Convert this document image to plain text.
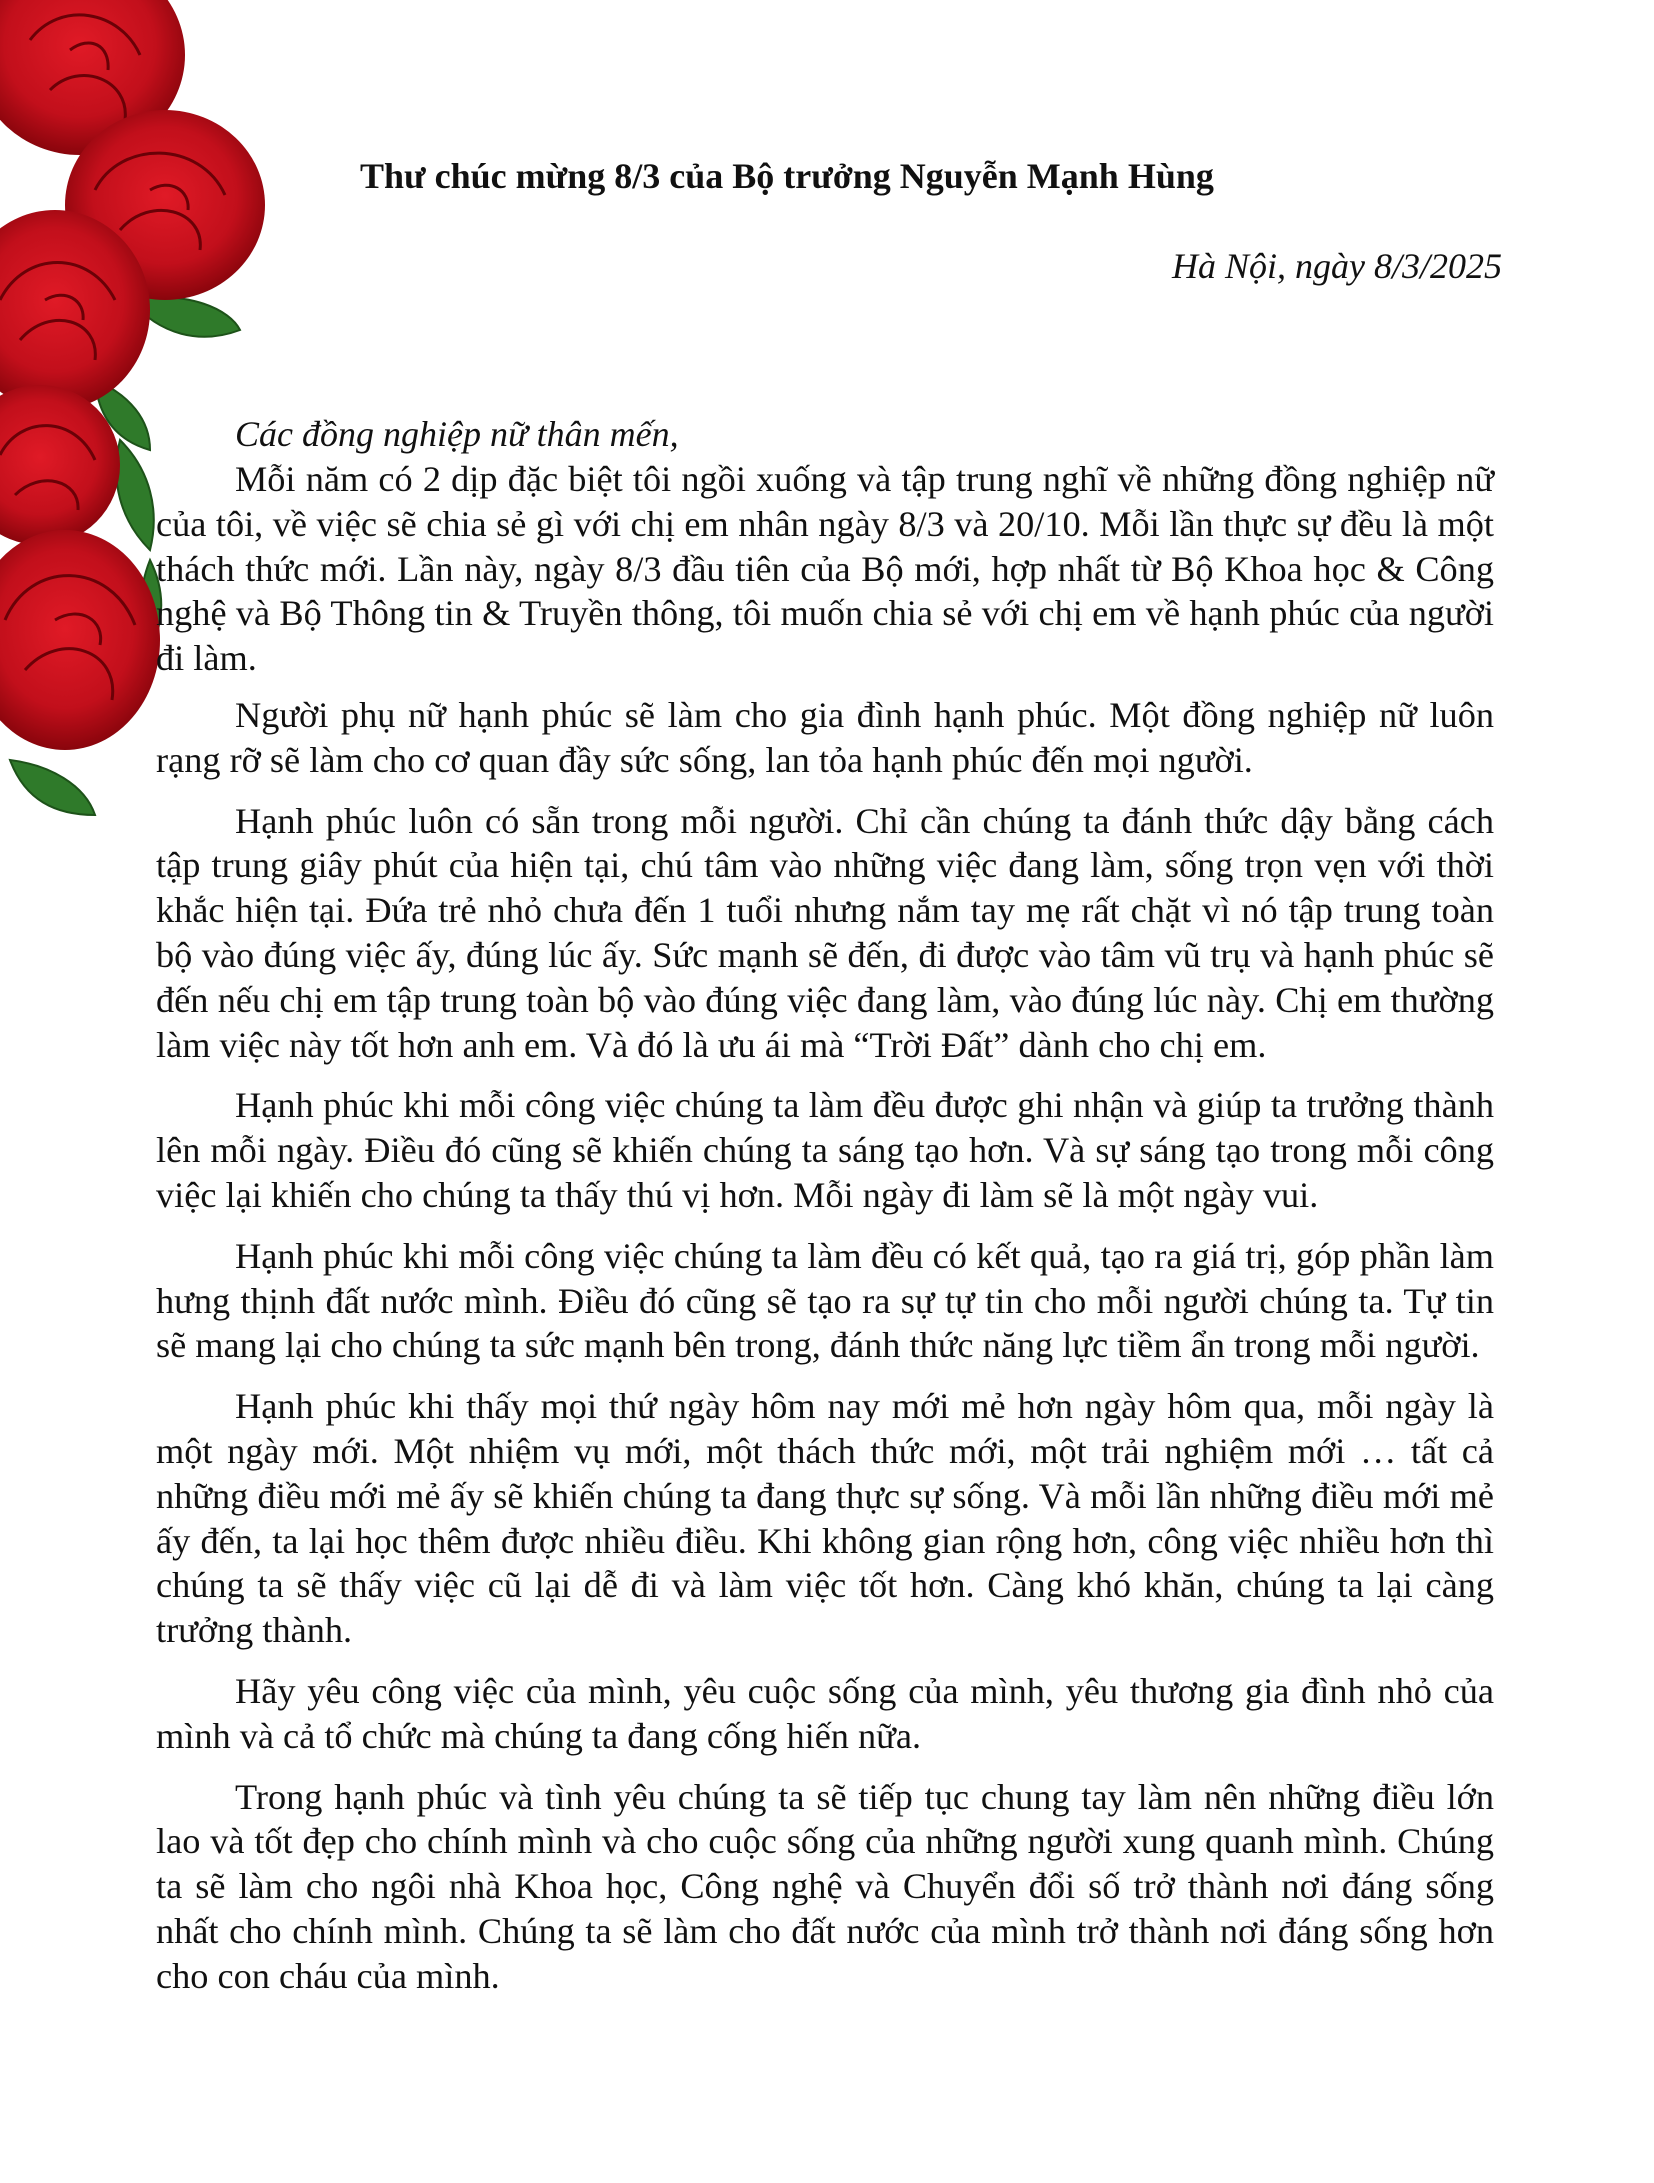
Thư chúc mừng 8/3 của Bộ trưởng Nguyễn Mạnh Hùng
Hà Nội, ngày 8/3/2025

Các đồng nghiệp nữ thân mến,

Mỗi năm có 2 dịp đặc biệt tôi ngồi xuống và tập trung nghĩ về những đồng nghiệp nữ của tôi, về việc sẽ chia sẻ gì với chị em nhân ngày 8/3 và 20/10. Mỗi lần thực sự đều là một thách thức mới. Lần này, ngày 8/3 đầu tiên của Bộ mới, hợp nhất từ Bộ Khoa học & Công nghệ và Bộ Thông tin & Truyền thông, tôi muốn chia sẻ với chị em về hạnh phúc của người đi làm.

Người phụ nữ hạnh phúc sẽ làm cho gia đình hạnh phúc. Một đồng nghiệp nữ luôn rạng rỡ sẽ làm cho cơ quan đầy sức sống, lan tỏa hạnh phúc đến mọi người.

Hạnh phúc luôn có sẵn trong mỗi người. Chỉ cần chúng ta đánh thức dậy bằng cách tập trung giây phút của hiện tại, chú tâm vào những việc đang làm, sống trọn vẹn với thời khắc hiện tại. Đứa trẻ nhỏ chưa đến 1 tuổi nhưng nắm tay mẹ rất chặt vì nó tập trung toàn bộ vào đúng việc ấy, đúng lúc ấy. Sức mạnh sẽ đến, đi được vào tâm vũ trụ và hạnh phúc sẽ đến nếu chị em tập trung toàn bộ vào đúng việc đang làm, vào đúng lúc này. Chị em thường làm việc này tốt hơn anh em. Và đó là ưu ái mà “Trời Đất” dành cho chị em.

Hạnh phúc khi mỗi công việc chúng ta làm đều được ghi nhận và giúp ta trưởng thành lên mỗi ngày. Điều đó cũng sẽ khiến chúng ta sáng tạo hơn. Và sự sáng tạo trong mỗi công việc lại khiến cho chúng ta thấy thú vị hơn. Mỗi ngày đi làm sẽ là một ngày vui.

Hạnh phúc khi mỗi công việc chúng ta làm đều có kết quả, tạo ra giá trị, góp phần làm hưng thịnh đất nước mình. Điều đó cũng sẽ tạo ra sự tự tin cho mỗi người chúng ta. Tự tin sẽ mang lại cho chúng ta sức mạnh bên trong, đánh thức năng lực tiềm ẩn trong mỗi người.

Hạnh phúc khi thấy mọi thứ ngày hôm nay mới mẻ hơn ngày hôm qua, mỗi ngày là một ngày mới. Một nhiệm vụ mới, một thách thức mới, một trải nghiệm mới … tất cả những điều mới mẻ ấy sẽ khiến chúng ta đang thực sự sống. Và mỗi lần những điều mới mẻ ấy đến, ta lại học thêm được nhiều điều. Khi không gian rộng hơn, công việc nhiều hơn thì chúng ta sẽ thấy việc cũ lại dễ đi và làm việc tốt hơn. Càng khó khăn, chúng ta lại càng trưởng thành.

Hãy yêu công việc của mình, yêu cuộc sống của mình, yêu thương gia đình nhỏ của mình và cả tổ chức mà chúng ta đang cống hiến nữa.

Trong hạnh phúc và tình yêu chúng ta sẽ tiếp tục chung tay làm nên những điều lớn lao và tốt đẹp cho chính mình và cho cuộc sống của những người xung quanh mình. Chúng ta sẽ làm cho ngôi nhà Khoa học, Công nghệ và Chuyển đổi số trở thành nơi đáng sống nhất cho chính mình. Chúng ta sẽ làm cho đất nước của mình trở thành nơi đáng sống hơn cho con cháu của mình.
